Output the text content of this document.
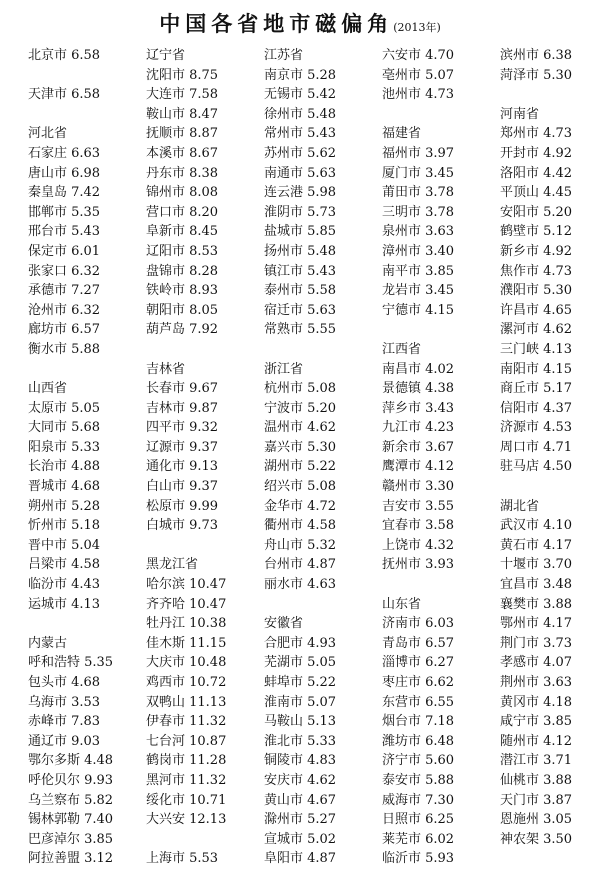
中国各省地市磁偏角(2013年)
北京市 6.58
天津市 6.58
河北省
石家庄 6.63
唐山市 6.98
秦皇岛 7.42
邯郸市 5.35
邢台市 5.43
保定市 6.01
张家口 6.32
承德市 7.27
沧州市 6.32
廊坊市 6.57
衡水市 5.88
山西省
太原市 5.05
大同市 5.68
阳泉市 5.33
长治市 4.88
晋城市 4.68
朔州市 5.28
忻州市 5.18
晋中市 5.04
吕梁市 4.58
临汾市 4.43
运城市 4.13
内蒙古
呼和浩特 5.35
包头市 4.68
乌海市 3.53
赤峰市 7.83
通辽市 9.03
鄂尔多斯 4.48
呼伦贝尔 9.93
乌兰察布 5.82
锡林郭勒 7.40
巴彦淖尔 3.85
阿拉善盟 3.12
辽宁省
沈阳市 8.75
大连市 7.58
鞍山市 8.47
抚顺市 8.87
本溪市 8.67
丹东市 8.38
锦州市 8.08
营口市 8.20
阜新市 8.45
辽阳市 8.53
盘锦市 8.28
铁岭市 8.93
朝阳市 8.05
葫芦岛 7.92
吉林省
长春市 9.67
吉林市 9.87
四平市 9.32
辽源市 9.37
通化市 9.13
白山市 9.37
松原市 9.99
白城市 9.73
黑龙江省
哈尔滨 10.47
齐齐哈 10.47
牡丹江 10.38
佳木斯 11.15
大庆市 10.48
鸡西市 10.72
双鸭山 11.13
伊春市 11.32
七台河 10.87
鹤岗市 11.28
黑河市 11.32
绥化市 10.71
大兴安 12.13
上海市 5.53
江苏省
南京市 5.28
无锡市 5.42
徐州市 5.48
常州市 5.43
苏州市 5.62
南通市 5.63
连云港 5.98
淮阴市 5.73
盐城市 5.85
扬州市 5.48
镇江市 5.43
泰州市 5.58
宿迁市 5.63
常熟市 5.55
浙江省
杭州市 5.08
宁波市 5.20
温州市 4.62
嘉兴市 5.30
湖州市 5.22
绍兴市 5.08
金华市 4.72
衢州市 4.58
舟山市 5.32
台州市 4.87
丽水市 4.63
安徽省
合肥市 4.93
芜湖市 5.05
蚌埠市 5.22
淮南市 5.07
马鞍山 5.13
淮北市 5.33
铜陵市 4.83
安庆市 4.62
黄山市 4.67
滁州市 5.27
宣城市 5.02
阜阳市 4.87
六安市 4.70
亳州市 5.07
池州市 4.73
福建省
福州市 3.97
厦门市 3.45
莆田市 3.78
三明市 3.78
泉州市 3.63
漳州市 3.40
南平市 3.85
龙岩市 3.45
宁德市 4.15
江西省
南昌市 4.02
景德镇 4.38
萍乡市 3.43
九江市 4.23
新余市 3.67
鹰潭市 4.12
赣州市 3.30
吉安市 3.55
宜春市 3.58
上饶市 4.32
抚州市 3.93
山东省
济南市 6.03
青岛市 6.57
淄博市 6.27
枣庄市 6.62
东营市 6.55
烟台市 7.18
潍坊市 6.48
济宁市 5.60
泰安市 5.88
威海市 7.30
日照市 6.25
莱芜市 6.02
临沂市 5.93
滨州市 6.38
菏泽市 5.30
河南省
郑州市 4.73
开封市 4.92
洛阳市 4.42
平顶山 4.45
安阳市 5.20
鹤壁市 5.12
新乡市 4.92
焦作市 4.73
濮阳市 5.30
许昌市 4.65
漯河市 4.62
三门峡 4.13
南阳市 4.15
商丘市 5.17
信阳市 4.37
济源市 4.53
周口市 4.71
驻马店 4.50
湖北省
武汉市 4.10
黄石市 4.17
十堰市 3.70
宜昌市 3.48
襄樊市 3.88
鄂州市 4.17
荆门市 3.73
孝感市 4.07
荆州市 3.63
黄冈市 4.18
咸宁市 3.85
随州市 4.12
潜江市 3.71
仙桃市 3.88
天门市 3.87
恩施州 3.05
神农架 3.50
